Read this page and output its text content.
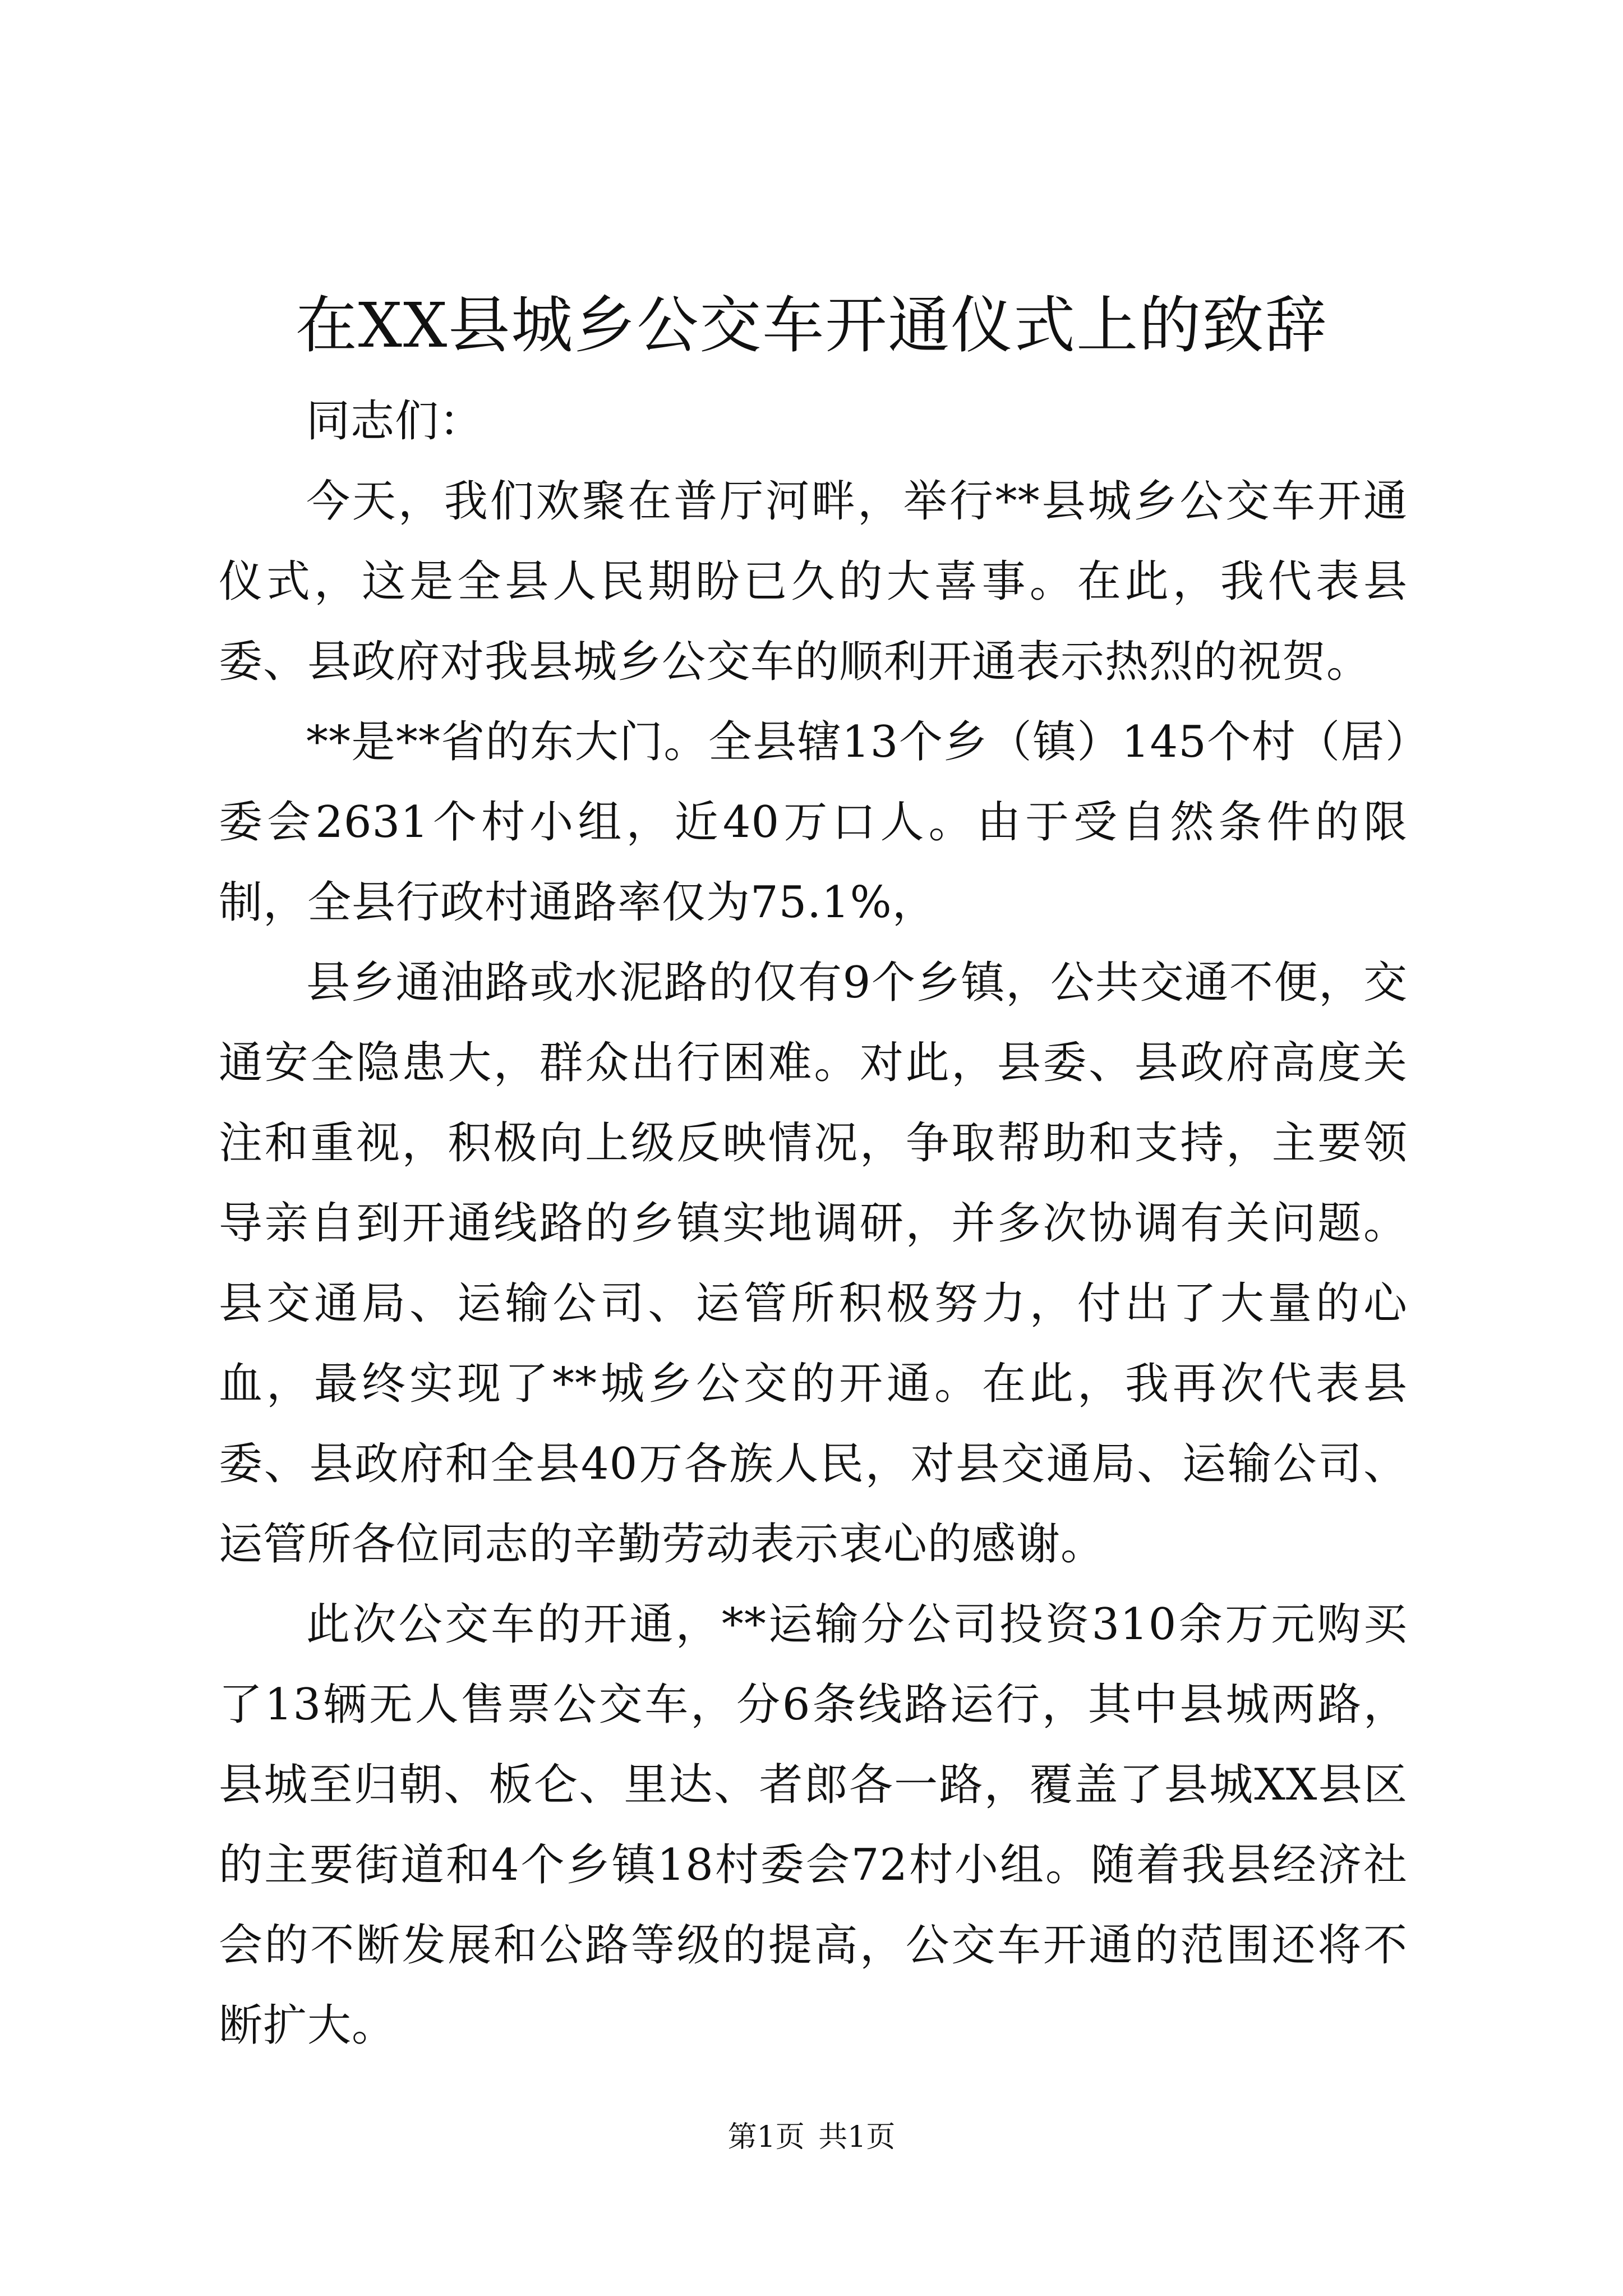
在XX县城乡公交车开通仪式上的致辞

同志们：

今天，我们欢聚在普厅河畔，举行**县城乡公交车开通仪式，这是全县人民期盼已久的大喜事。在此，我代表县委、县政府对我县城乡公交车的顺利开通表示热烈的祝贺。

**是**省的东大门。全县辖13个乡（镇）145个村（居）委会2631个村小组，近40万口人。由于受自然条件的限制，全县行政村通路率仅为75.1%，

县乡通油路或水泥路的仅有9个乡镇，公共交通不便，交通安全隐患大，群众出行困难。对此，县委、县政府高度关注和重视，积极向上级反映情况，争取帮助和支持，主要领导亲自到开通线路的乡镇实地调研，并多次协调有关问题。县交通局、运输公司、运管所积极努力，付出了大量的心血，最终实现了**城乡公交的开通。在此，我再次代表县委、县政府和全县40万各族人民，对县交通局、运输公司、运管所各位同志的辛勤劳动表示衷心的感谢。

此次公交车的开通，**运输分公司投资310余万元购买了13辆无人售票公交车，分6条线路运行，其中县城两路，县城至归朝、板仑、里达、者郎各一路，覆盖了县城XX县区的主要街道和4个乡镇18村委会72村小组。随着我县经济社会的不断发展和公路等级的提高，公交车开通的范围还将不断扩大。

第1页 共1页
